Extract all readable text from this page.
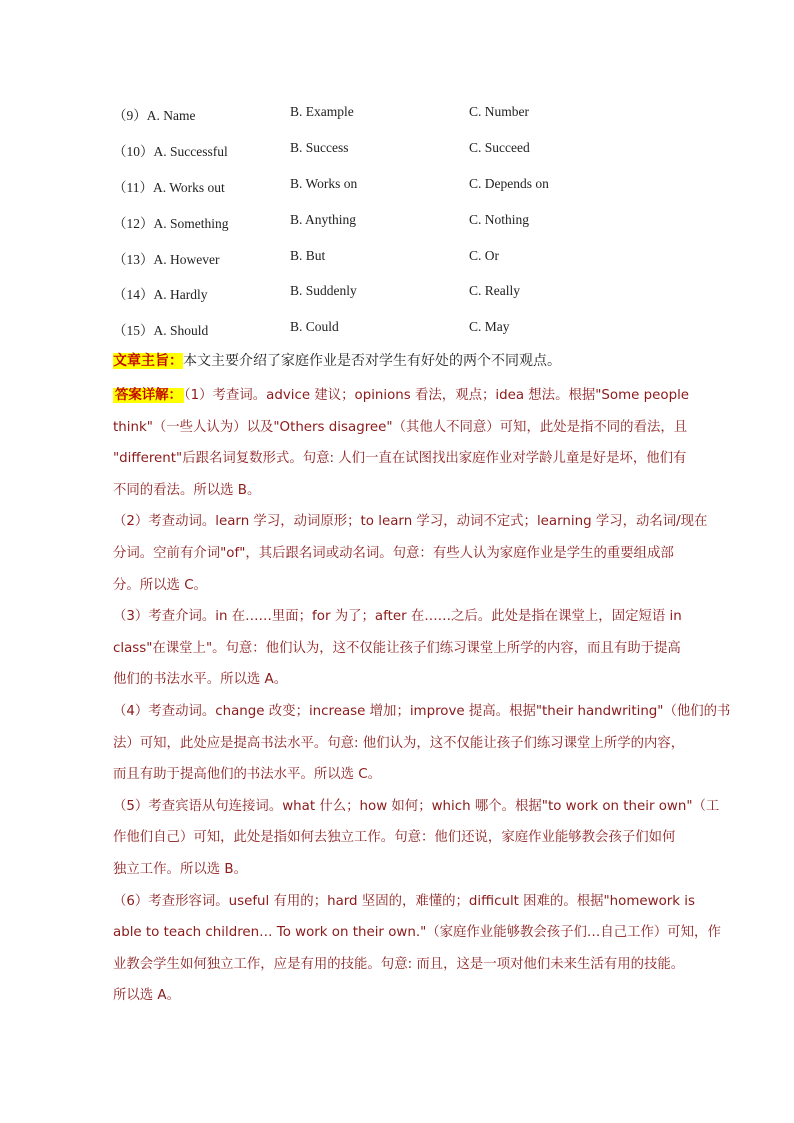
（9）A. Name	B. Example	C. Number
（10）A. Successful	B. Success	C. Succeed
（11）A. Works out	B. Works on	C. Depends on
（12）A. Something	B. Anything	C. Nothing
（13）A. However	B. But	C. Or
（14）A. Hardly	B. Suddenly	C. Really
（15）A. Should	B. Could	C. May
文章主旨：本文主要介绍了家庭作业是否对学生有好处的两个不同观点。
答案详解： （1）考查词。advice 建议；opinions 看法，观点；idea 想法。根据"Some people
think"（一些人认为）以及"Others disagree"（其他人不同意）可知，此处是指不同的看法，且
"different"后跟名词复数形式。句意: 人们一直在试图找出家庭作业对学龄儿童是好是坏，他们有
不同的看法。所以选 B。
（2）考查动词。learn 学习，动词原形；to learn 学习，动词不定式；learning 学习，动名词/现在
分词。空前有介词"of"，其后跟名词或动名词。句意：有些人认为家庭作业是学生的重要组成部
分。所以选 C。
（3）考查介词。in 在……里面；for 为了；after 在……之后。此处是指在课堂上，固定短语 in
class"在课堂上"。句意：他们认为，这不仅能让孩子们练习课堂上所学的内容，而且有助于提高
他们的书法水平。所以选 A。
（4）考查动词。change 改变；increase 增加；improve 提高。根据"their handwriting"（他们的书
法）可知，此处应是提高书法水平。句意: 他们认为，这不仅能让孩子们练习课堂上所学的内容，
而且有助于提高他们的书法水平。所以选 C。
（5）考查宾语从句连接词。what 什么；how 如何；which 哪个。根据"to work on their own"（工
作他们自己）可知，此处是指如何去独立工作。句意：他们还说，家庭作业能够教会孩子们如何
独立工作。所以选 B。
（6）考查形容词。useful 有用的；hard 坚固的，难懂的；difficult 困难的。根据"homework is
able to teach children… To work on their own."（家庭作业能够教会孩子们…自己工作）可知，作
业教会学生如何独立工作，应是有用的技能。句意: 而且，这是一项对他们未来生活有用的技能。
所以选 A。
